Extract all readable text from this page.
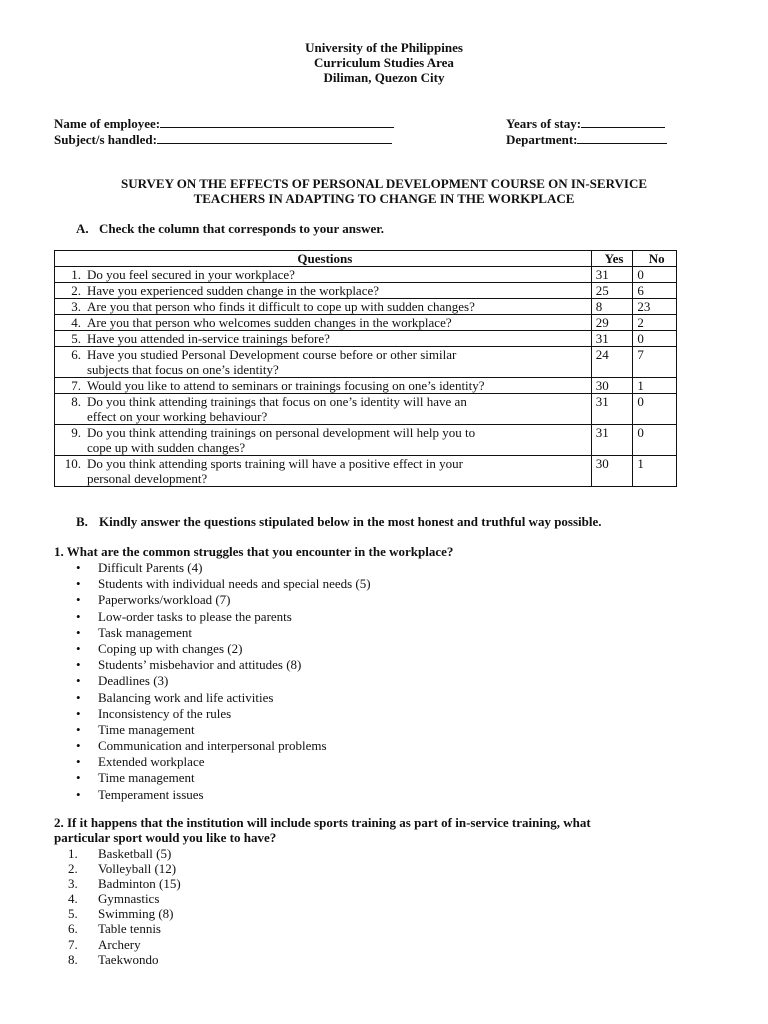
University of the Philippines
Curriculum Studies Area
Diliman, Quezon City
Name of employee:	Years of stay:
Subject/s handled:	Department:
SURVEY ON THE EFFECTS OF PERSONAL DEVELOPMENT COURSE ON IN-SERVICE
TEACHERS IN ADAPTING TO CHANGE IN THE WORKPLACE
A. Check the column that corresponds to your answer.
Questions	Yes	No
1. Do you feel secured in your workplace?	31	0
2. Have you experienced sudden change in the workplace?	25	6
3. Are you that person who finds it difficult to cope up with sudden changes?	8	23
4. Are you that person who welcomes sudden changes in the workplace?	29	2
5. Have you attended in-service trainings before?	31	0
6. Have you studied Personal Development course before or other similar
subjects that focus on one’s identity?	24	7
7. Would you like to attend to seminars or trainings focusing on one’s identity?	30	1
8. Do you think attending trainings that focus on one’s identity will have an
effect on your working behaviour?	31	0
9. Do you think attending trainings on personal development will help you to
cope up with sudden changes?	31	0
10. Do you think attending sports training will have a positive effect in your
personal development?	30	1
B. Kindly answer the questions stipulated below in the most honest and truthful way possible.
1. What are the common struggles that you encounter in the workplace?
• Difficult Parents (4)
• Students with individual needs and special needs (5)
• Paperworks/workload (7)
• Low-order tasks to please the parents
• Task management
• Coping up with changes (2)
• Students’ misbehavior and attitudes (8)
• Deadlines (3)
• Balancing work and life activities
• Inconsistency of the rules
• Time management
• Communication and interpersonal problems
• Extended workplace
• Time management
• Temperament issues
2. If it happens that the institution will include sports training as part of in-service training, what
particular sport would you like to have?
1.	Basketball (5)
2.	Volleyball (12)
3.	Badminton (15)
4.	Gymnastics
5.	Swimming (8)
6.	Table tennis
7.	Archery
8.	Taekwondo
